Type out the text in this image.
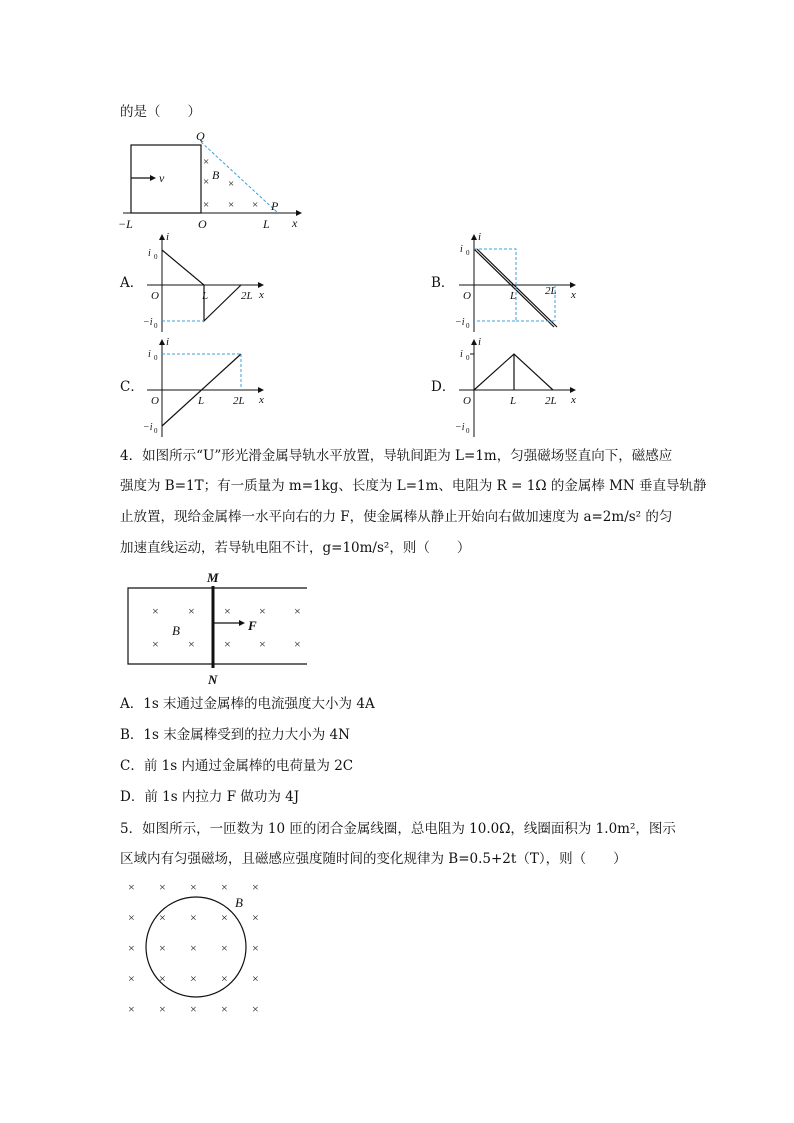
的是（　　）
v
Q
O
−L	L x
P
B
×
×
×
×
× ×
A．	B．
C．	D．
i
i 0
−i 0
O	L	2L x
i
i 0
−i 0
O	L	2L x
i
i 0
−i 0
O	L	2L x
i
i 0
−i 0
O	L	2L x
4．如图所示“U”形光滑金属导轨水平放置，导轨间距为 L=1m，匀强磁场竖直向下，磁感应
强度为 B=1T；有一质量为 m=1kg、长度为 L=1m、电阻为 R = 1Ω 的金属棒 MN 垂直导轨静
止放置，现给金属棒一水平向右的力 F，使金属棒从静止开始向右做加速度为 a=2m/s² 的匀
加速直线运动，若导轨电阻不计，g=10m/s²，则（　　）
M
N
B	F
× × × × ×
× × × × ×
A．1s 末通过金属棒的电流强度大小为 4A
B．1s 末金属棒受到的拉力大小为 4N
C．前 1s 内通过金属棒的电荷量为 2C
D．前 1s 内拉力 F 做功为 4J
5．如图所示，一匝数为 10 匝的闭合金属线圈，总电阻为 10.0Ω，线圈面积为 1.0m²，图示
区域内有匀强磁场，且磁感应强度随时间的变化规律为 B=0.5+2t（T），则（　　）
B
× × × ×
× × × × ×
× × × × ×
× × × × ×
× × × × ×
×
